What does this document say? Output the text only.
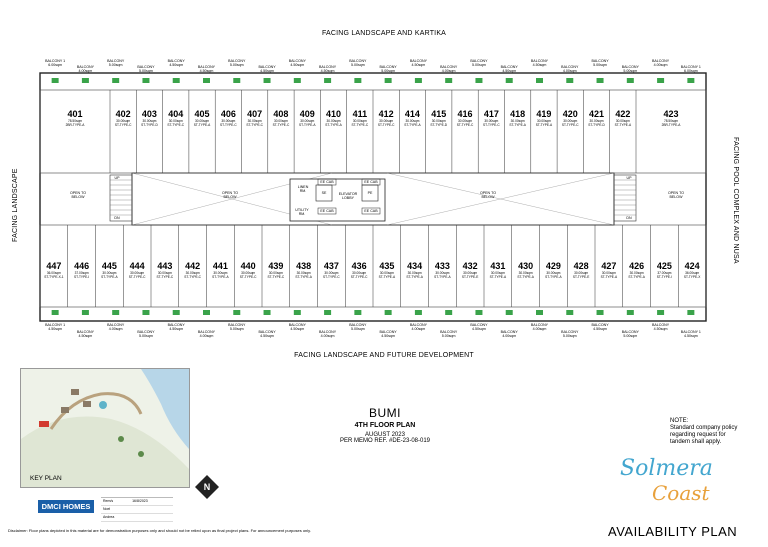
FACING LANDSCAPE AND KARTIKA
FACING LANDSCAPE AND FUTURE DEVELOPMENT
FACING LANDSCAPE	FACING POOL COMPLEX AND NUSA
401
78.50sqm
2BR-TYPE-A
402
30.00sqm
ST-TYPE-C
403
30.00sqm
ST-TYPE-D
404
30.00sqm
ST-TYPE-C
405
30.00sqm
ST-TYPE-A
406
30.00sqm
ST-TYPE-C
407
30.00sqm
ST-TYPE-C
408
30.00sqm
ST-TYPE-C
409
30.00sqm
ST-TYPE-A
410
30.00sqm
ST-TYPE-A
411
30.00sqm
ST-TYPE-C
412
30.00sqm
ST-TYPE-C
414
30.00sqm
ST-TYPE-A
415
30.00sqm
ST-TYPE-D
416
30.00sqm
ST-TYPE-C
417
30.00sqm
ST-TYPE-C
418
30.00sqm
ST-TYPE-A
419
30.00sqm
ST-TYPE-A
420
30.00sqm
ST-TYPE-C
421
30.00sqm
ST-TYPE-D
422
30.00sqm
ST-TYPE-A
423
78.50sqm
2BR-TYPE-A
447
36.00sqm
ST-TYPE-X-1
446
37.00sqm
ST-TYPE-I
445
30.00sqm
ST-TYPE-A
444
30.00sqm
ST-TYPE-C
443
30.00sqm
ST-TYPE-C
442
30.00sqm
ST-TYPE-C
441
30.00sqm
ST-TYPE-A
440
30.00sqm
ST-TYPE-C
439
30.00sqm
ST-TYPE-C
438
30.00sqm
ST-TYPE-A
437
30.00sqm
ST-TYPE-C
436
30.00sqm
ST-TYPE-C
435
30.00sqm
ST-TYPE-A
434
30.00sqm
ST-TYPE-A
433
30.00sqm
ST-TYPE-A
432
30.00sqm
ST-TYPE-E
431
30.00sqm
ST-TYPE-A
430
30.00sqm
ST-TYPE-A
429
30.00sqm
ST-TYPE-A
428
30.00sqm
ST-TYPE-E
427
30.00sqm
ST-TYPE-A
426
30.00sqm
ST-TYPE-A
425
37.00sqm
ST-TYPE-I
424
36.00sqm
ST-TYPE-X
BALCONY 1
6.00sqm	BALCONY
4.00sqm
BALCONY
5.00sqm	BALCONY
5.00sqm
BALCONY
4.50sqm	BALCONY
4.50sqm
BALCONY
5.00sqm	BALCONY
4.50sqm
BALCONY
4.50sqm	BALCONY
4.50sqm
BALCONY
5.00sqm	BALCONY
5.00sqm
BALCONY
4.50sqm	BALCONY
4.00sqm
BALCONY
5.00sqm	BALCONY
4.50sqm
BALCONY
4.50sqm	BALCONY
4.00sqm
BALCONY
5.00sqm	BALCONY
5.00sqm
BALCONY
4.00sqm	BALCONY 1
6.00sqm
BALCONY 1
4.50sqm
BALCONY
4.50sqm
BALCONY
4.00sqm
BALCONY
5.00sqm
BALCONY
4.50sqm
BALCONY
4.00sqm
BALCONY
5.00sqm
BALCONY
4.50sqm
BALCONY
4.50sqm
BALCONY
4.00sqm
BALCONY
5.00sqm
BALCONY
4.50sqm
BALCONY
4.00sqm
BALCONY
5.00sqm
BALCONY
4.50sqm
BALCONY
4.00sqm
BALCONY
4.00sqm
BALCONY
5.00sqm
BALCONY
4.50sqm
BALCONY
5.00sqm
BALCONY
4.50sqm
BALCONY 1
4.50sqm
OPEN TO BELOW
OPEN TO BELOW
OPEN TO BELOW
OPEN TO BELOW
LINEN RM.
UTILITY RM.
EE CAB	EE CAB
EE CAB	EE CAB
SE	PE
ELEVATOR LOBBY
UP
DN
UP
DN
KEY PLAN
N
BUMI
4TH FLOOR PLAN
AUGUST 2023
PER MEMO REF. #DE-23-08-019
NOTE:
Standard company policy regarding request for tandem shall apply.
Solmera
Coast
AVAILABILITY PLAN
DMCI HOMES
Rem/s	16/8/2023
Noel
Andrea
Disclaimer: Floor plans depicted in this material are for demonstration purposes only and should not be relied upon as final project plans. For announcement purposes only.
